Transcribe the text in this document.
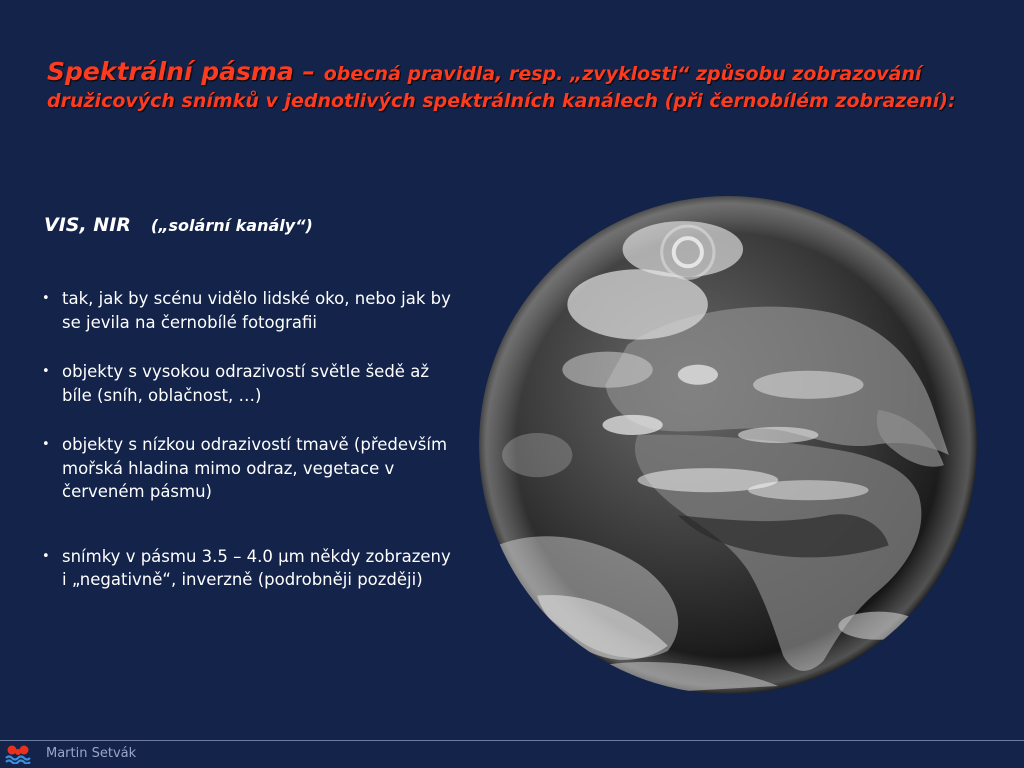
Spektrální pásma – obecná pravidla, resp. „zvyklosti“ způsobu zobrazování družicových snímků v jednotlivých spektrálních kanálech (při černobílém zobrazení):
VIS, NIR („solární kanály“)
• tak, jak by scénu vidělo lidské oko, nebo jak by se jevila na černobílé fotografii
• objekty s vysokou odrazivostí světle šedě až bíle (sníh, oblačnost, …)
• objekty s nízkou odrazivostí tmavě (především mořská hladina mimo odraz, vegetace v červeném pásmu)
• snímky v pásmu 3.5 – 4.0 μm někdy zobrazeny i „negativně“, inverzně (podrobněji později)
Martin Setvák
